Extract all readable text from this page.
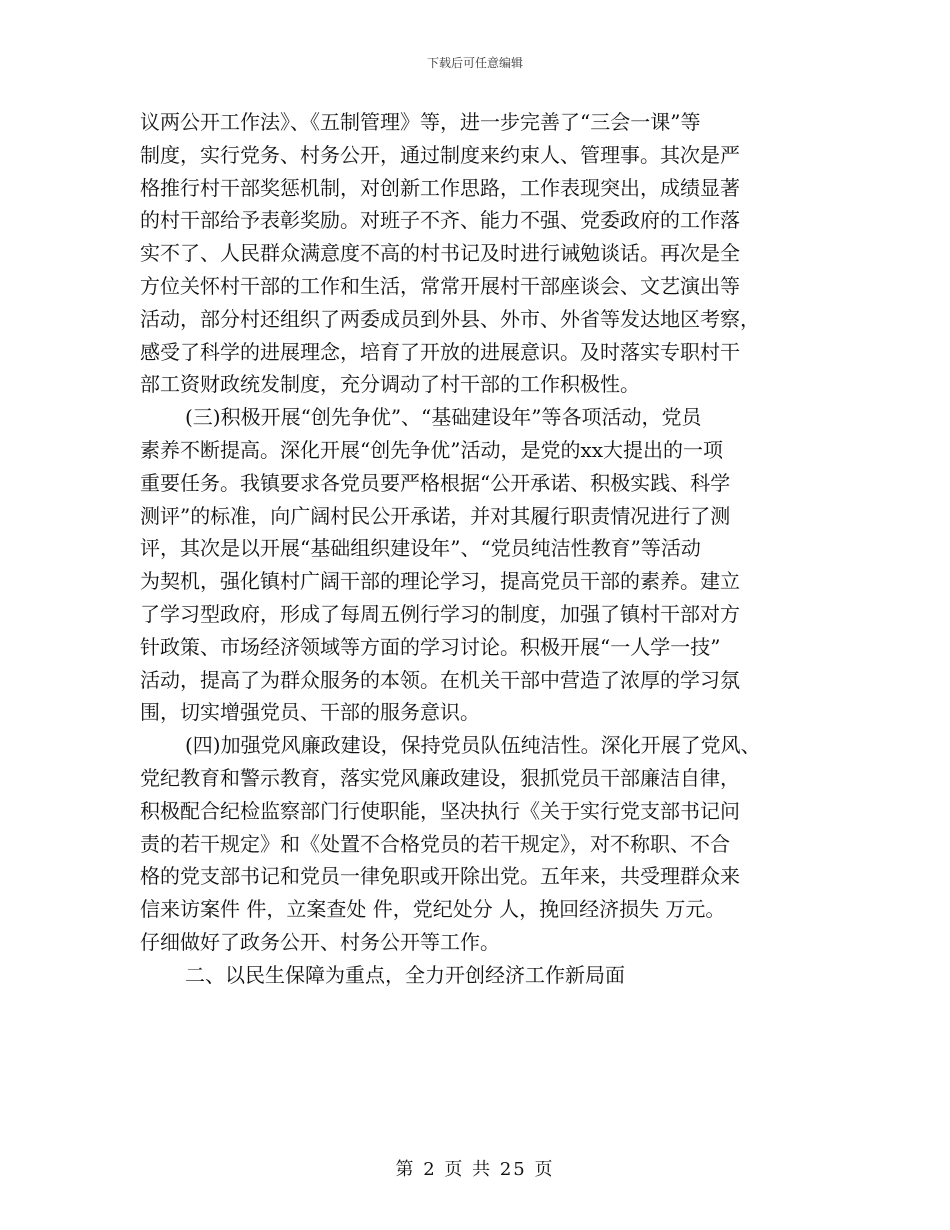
下载后可任意编辑
议两公开工作法》、《五制管理》等，进一步完善了“三会一课”等
制度，实行党务、村务公开，通过制度来约束人、管理事。其次是严
格推行村干部奖惩机制，对创新工作思路，工作表现突出，成绩显著
的村干部给予表彰奖励。对班子不齐、能力不强、党委政府的工作落
实不了、人民群众满意度不高的村书记及时进行诫勉谈话。再次是全
方位关怀村干部的工作和生活，常常开展村干部座谈会、文艺演出等
活动，部分村还组织了两委成员到外县、外市、外省等发达地区考察，
感受了科学的进展理念，培育了开放的进展意识。及时落实专职村干
部工资财政统发制度，充分调动了村干部的工作积极性。
(三)积极开展“创先争优”、“基础建设年”等各项活动，党员
素养不断提高。深化开展“创先争优”活动，是党的xx大提出的一项
重要任务。我镇要求各党员要严格根据“公开承诺、积极实践、科学
测评”的标准，向广阔村民公开承诺，并对其履行职责情况进行了测
评，其次是以开展“基础组织建设年”、“党员纯洁性教育”等活动
为契机，强化镇村广阔干部的理论学习，提高党员干部的素养。建立
了学习型政府，形成了每周五例行学习的制度，加强了镇村干部对方
针政策、市场经济领域等方面的学习讨论。积极开展“一人学一技”
活动，提高了为群众服务的本领。在机关干部中营造了浓厚的学习氛
围，切实增强党员、干部的服务意识。
(四)加强党风廉政建设，保持党员队伍纯洁性。深化开展了党风、
党纪教育和警示教育，落实党风廉政建设，狠抓党员干部廉洁自律，
积极配合纪检监察部门行使职能，坚决执行《关于实行党支部书记问
责的若干规定》和《处置不合格党员的若干规定》，对不称职、不合
格的党支部书记和党员一律免职或开除出党。五年来，共受理群众来
信来访案件 件，立案查处 件，党纪处分 人，挽回经济损失 万元。
仔细做好了政务公开、村务公开等工作。
二、以民生保障为重点，全力开创经济工作新局面
第 2 页 共 25 页
